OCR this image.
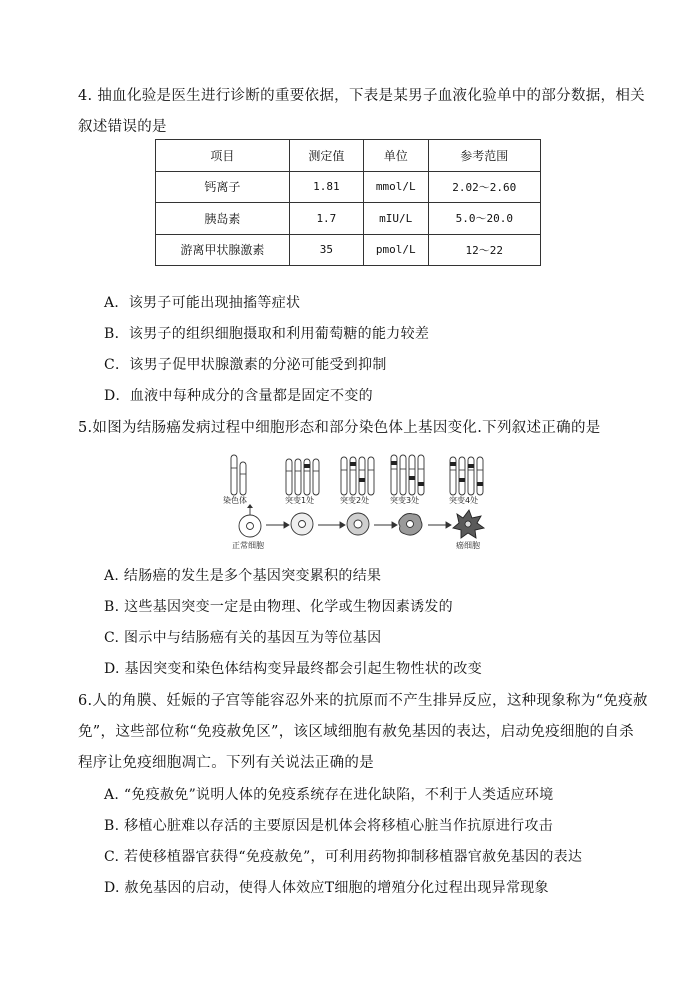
4. 抽血化验是医生进行诊断的重要依据，下表是某男子血液化验单中的部分数据，相关
叙述错误的是
项目	测定值	单位	参考范围
钙离子	1.81	mmol/L	2.02～2.60
胰岛素	1.7	mIU/L	5.0～20.0
游离甲状腺激素	35	pmol/L	12～22
A．该男子可能出现抽搐等症状
B．该男子的组织细胞摄取和利用葡萄糖的能力较差
C．该男子促甲状腺激素的分泌可能受到抑制
D．血液中每种成分的含量都是固定不变的
5.如图为结肠癌发病过程中细胞形态和部分染色体上基因变化.下列叙述正确的是
染色体	突变1处	突变2处	突变3处	突变4处
正常细胞	癌细胞
A. 结肠癌的发生是多个基因突变累积的结果
B. 这些基因突变一定是由物理、化学或生物因素诱发的
C. 图示中与结肠癌有关的基因互为等位基因
D. 基因突变和染色体结构变异最终都会引起生物性状的改变
6.人的角膜、妊娠的子宫等能容忍外来的抗原而不产生排异反应，这种现象称为“免疫赦
免”，这些部位称“免疫赦免区”，该区域细胞有赦免基因的表达，启动免疫细胞的自杀
程序让免疫细胞凋亡。下列有关说法正确的是
A. “免疫赦免”说明人体的免疫系统存在进化缺陷，不利于人类适应环境
B. 移植心脏难以存活的主要原因是机体会将移植心脏当作抗原进行攻击
C. 若使移植器官获得“免疫赦免”，可利用药物抑制移植器官赦免基因的表达
D. 赦免基因的启动，使得人体效应T细胞的增殖分化过程出现异常现象
